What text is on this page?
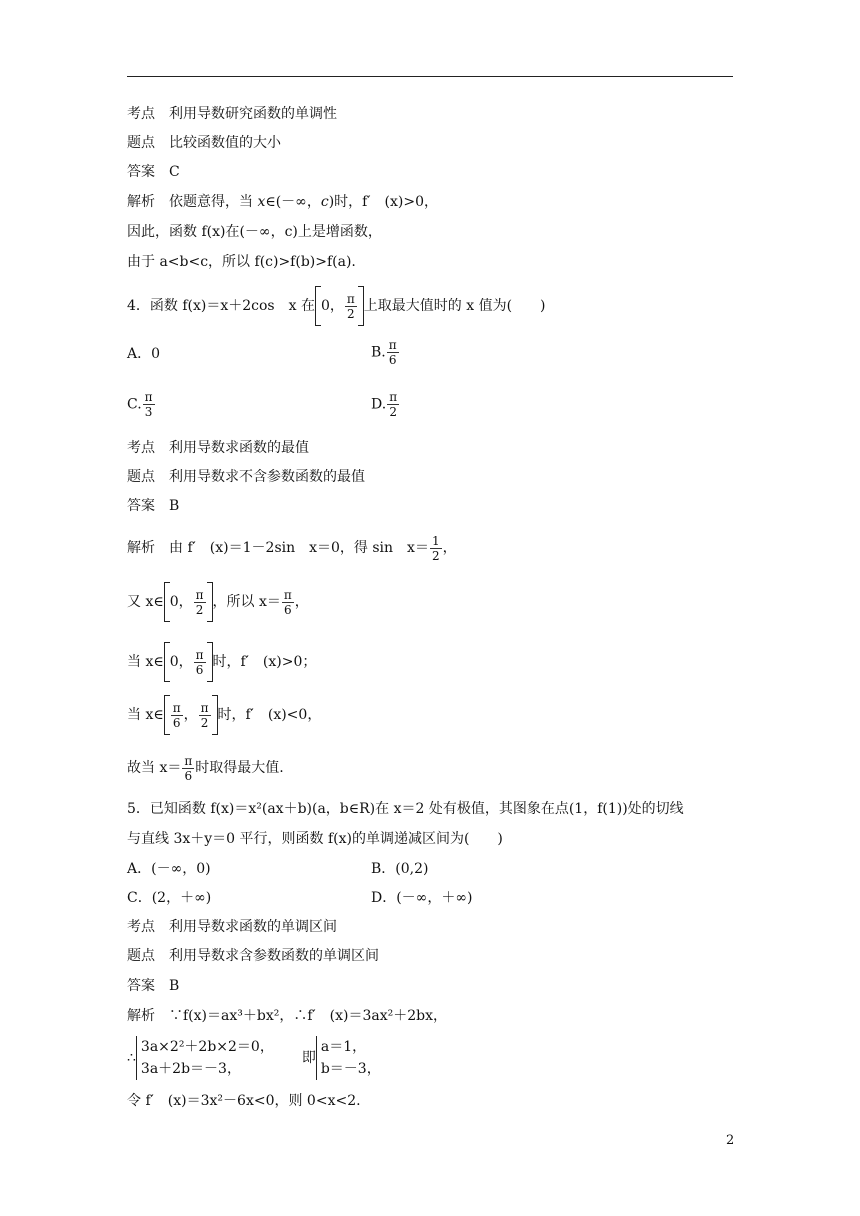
考点　利用导数研究函数的单调性
题点　比较函数值的大小
答案　C
解析　依题意得，当 x∈(－∞，c)时，f′　(x)>0，
因此，函数 f(x)在(－∞，c)上是增函数，
由于 a<b<c，所以 f(c)>f(b)>f(a).
4．函数 f(x)＝x＋2cos　x 在 0， $\frac{\pi}{2}$ 上取最大值时的 x 值为(　　)
A．0	B. $\frac{\pi}{6}$
C. $\frac{\pi}{3}$	D. $\frac{\pi}{2}$
考点　利用导数求函数的最值
题点　利用导数求不含参数函数的最值
答案　B
解析　由 f′　(x)＝1－2sin　x＝0，得 sin　$x= \frac{1}{2}$ ，
又 x∈ 0， $\frac{\pi}{2}$ ，所以 $x= \frac{\pi}{6}$ ，
当 x∈ 0， $\frac{\pi}{6}$ 时，f′　(x)>0；
当 x∈ $\frac{\pi}{6}$ ， $\frac{\pi}{2}$ 时，f′　(x)<0，
故当 $x= \frac{\pi}{6}$ 时取得最大值.
5．已知函数 f(x)＝x²(ax＋b)(a，b∈R)在 x＝2 处有极值，其图象在点(1，f(1))处的切线
与直线 3x＋y＝0 平行，则函数 f(x)的单调递减区间为(　　)
A．(－∞，0)	B．(0,2)
C．(2，＋∞)	D．(－∞，＋∞)
考点　利用导数求函数的单调区间
题点　利用导数求含参数函数的单调区间
答案　B
解析　∵f(x)＝ax³＋bx²，∴f′　(x)＝3ax²＋2bx，
∴
3a×2²＋2b×2＝0，
3a＋2b＝－3，
即
a＝1，
b＝－3，
令 f′　(x)＝3x²－6x<0，则 0<x<2.
2
